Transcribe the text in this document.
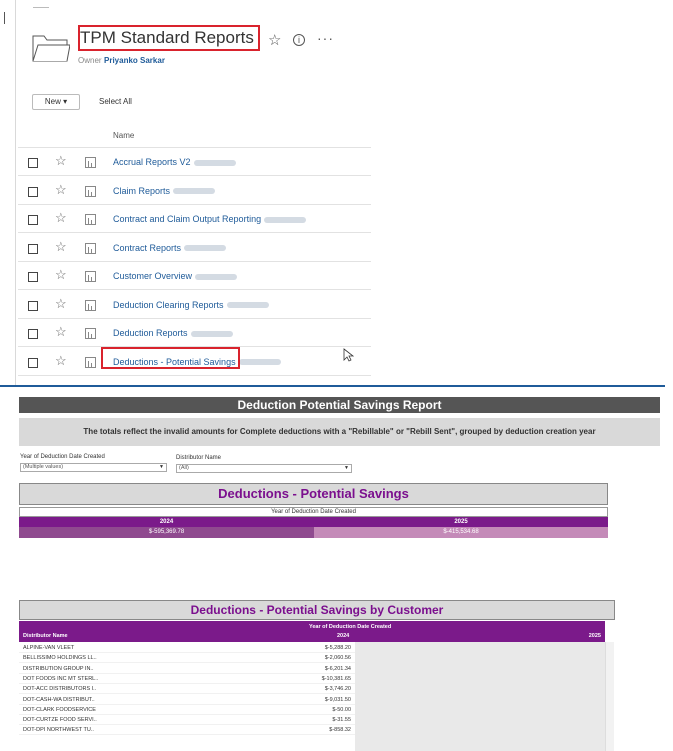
TPM Standard Reports ☆	i	···
Owner Priyanko Sarkar
New ▾	Select All
Name
☆	Accrual Reports V2
☆	Claim Reports
☆	Contract and Claim Output Reporting
☆	Contract Reports
☆	Customer Overview
☆	Deduction Clearing Reports
☆	Deduction Reports
☆	Deductions - Potential Savings
Deduction Potential Savings Report
The totals reflect the invalid amounts for Complete deductions with a "Rebillable" or "Rebill Sent", grouped by deduction creation year
Year of Deduction Date Created
(Multiple values)	▼
Distributor Name
(All)	▼
Deductions - Potential Savings
Year of Deduction Date Created
2024	2025
$-595,369.78	$-415,534.68
Deductions - Potential Savings by Customer
Year of Deduction Date Created
Distributor Name	2024	2025
ALPINE-VAN VLEET	$-5,288.20
BELLISSIMO HOLDINGS LL..	$-2,060.56
DISTRIBUTION GROUP IN..	$-6,201.34
DOT FOODS INC MT STERL..	$-10,381.65
DOT-ACC DISTRIBUTORS I..	$-3,746.20
DOT-CASH-WA DISTRIBUT..	$-9,031.50
DOT-CLARK FOODSERVICE	$-50.00
DOT-CURTZE FOOD SERVI..	$-31.55
DOT-DPI NORTHWEST TU..	$-858.32
